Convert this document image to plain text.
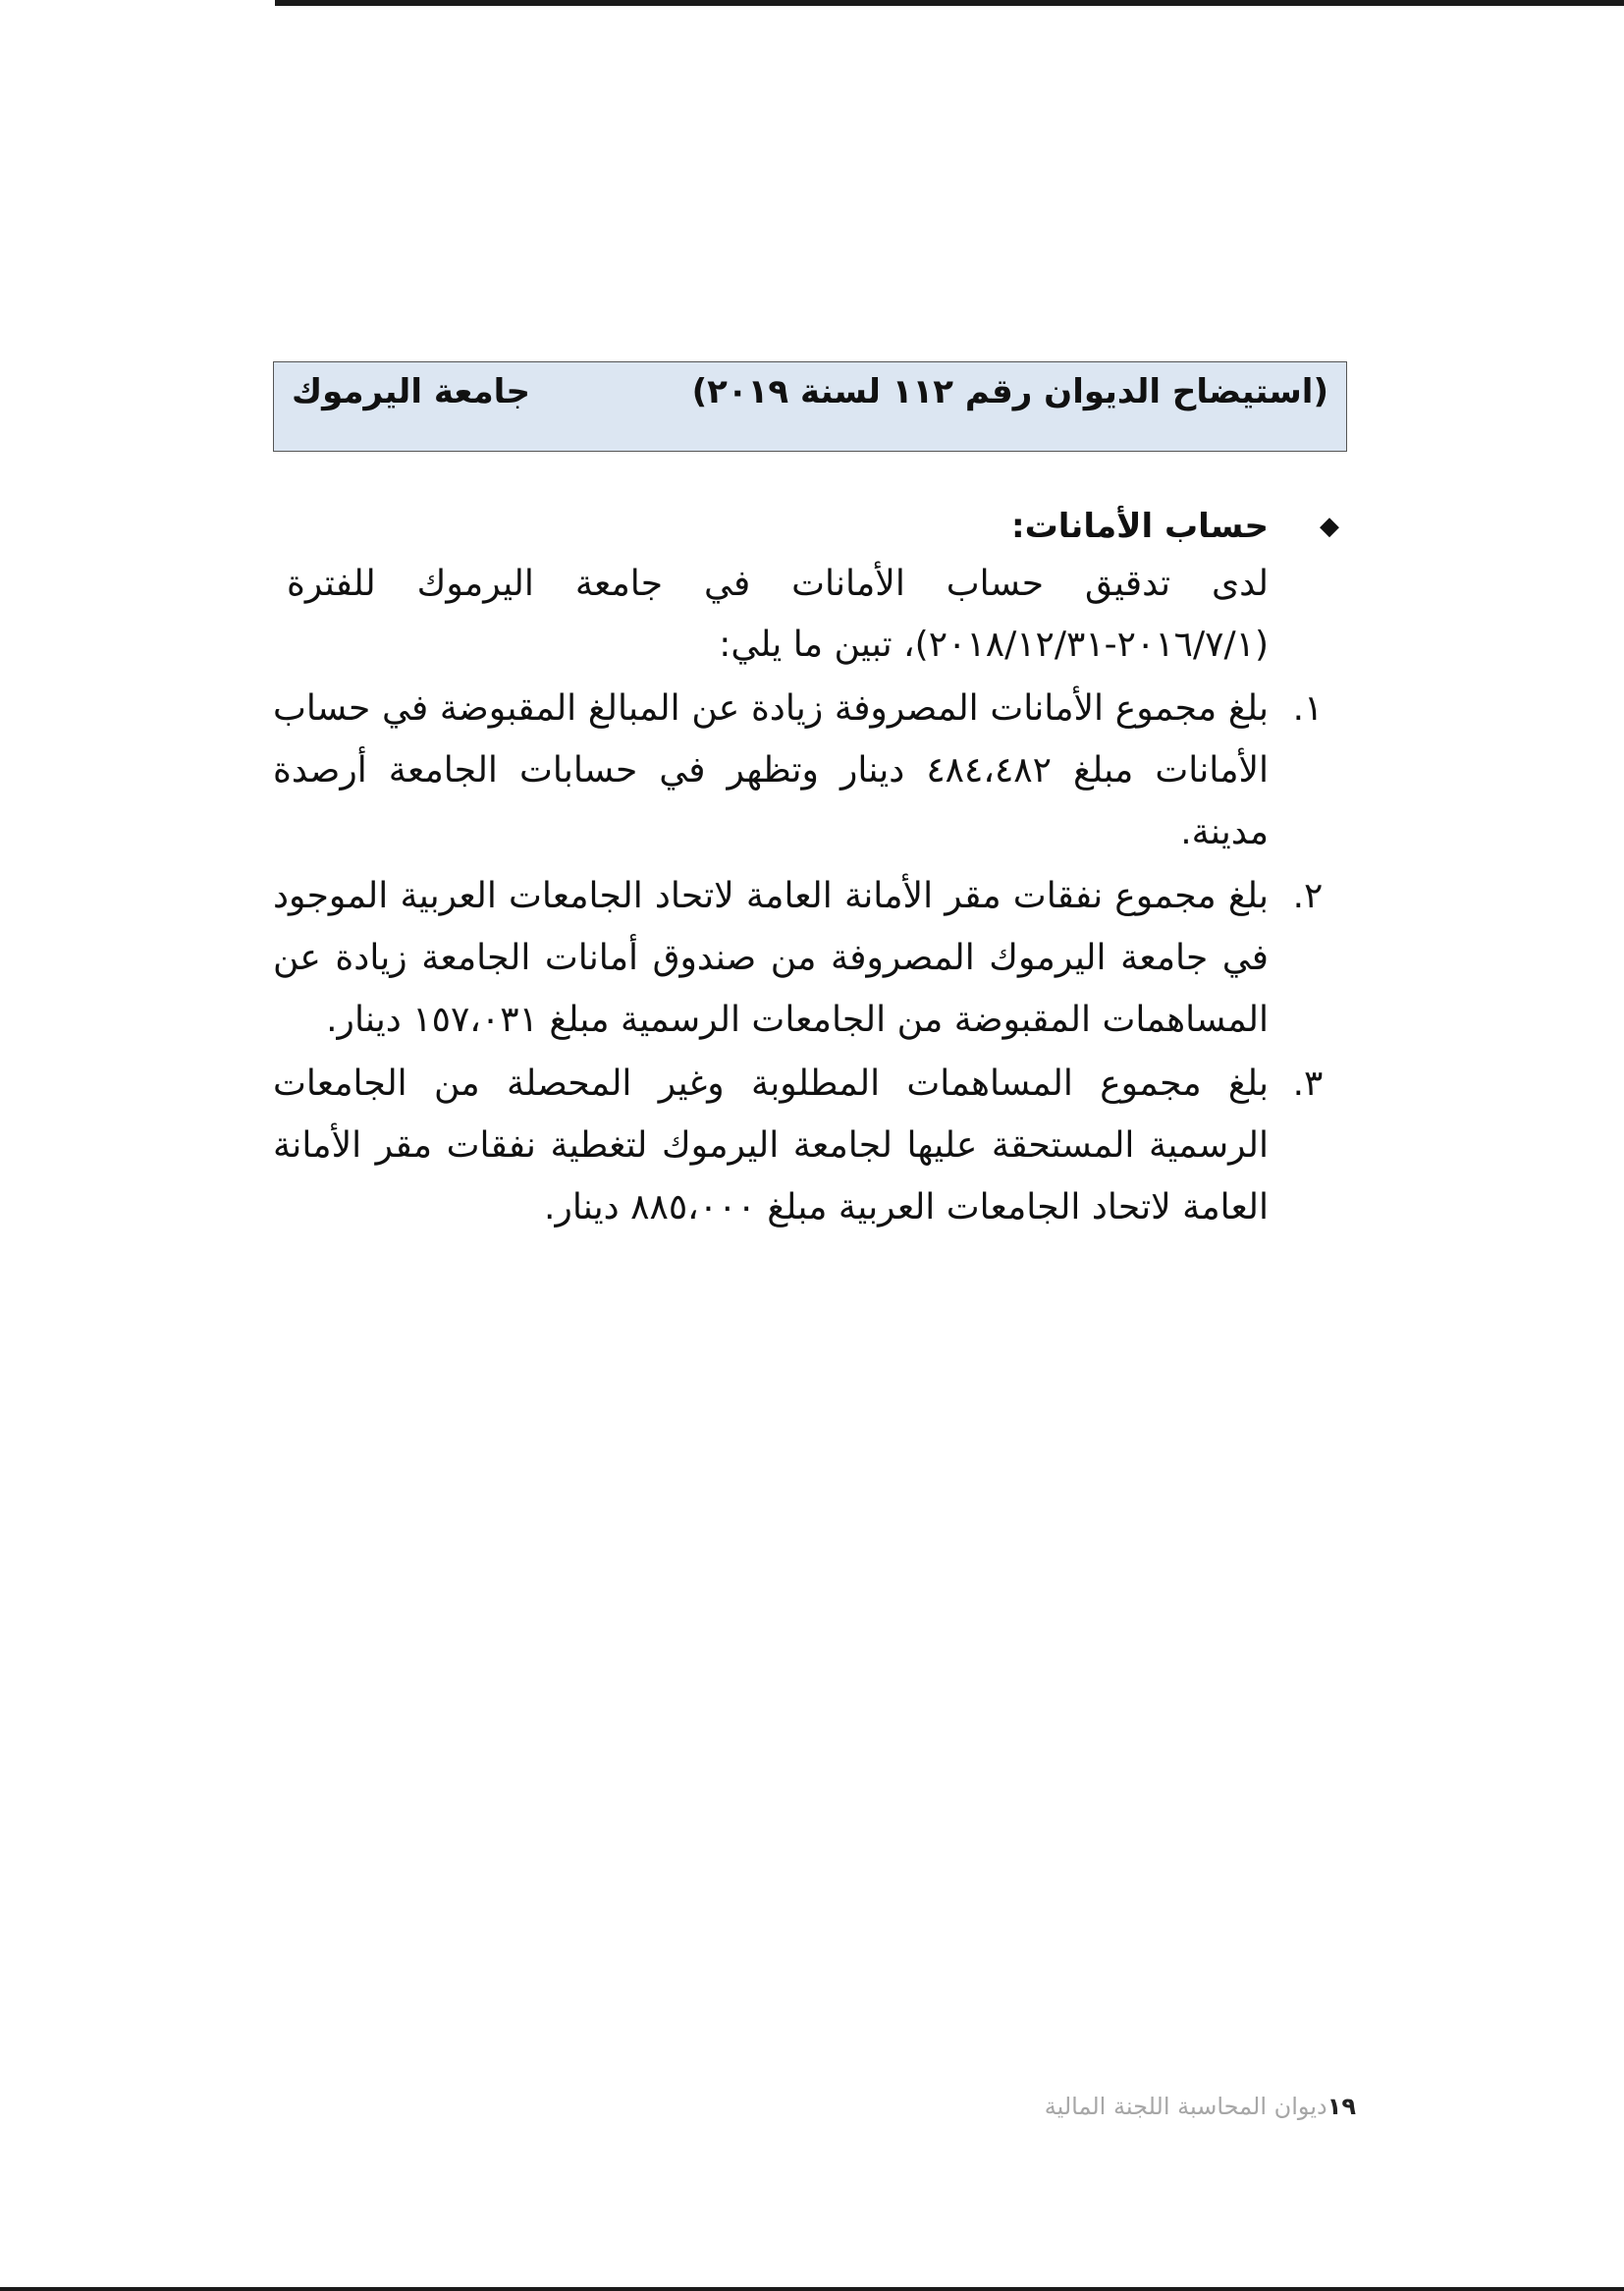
(استيضاح الديوان رقم ١١٢ لسنة ٢٠١٩)
جامعة اليرموك
◆
حساب الأمانات:

لدى تدقيق حساب الأمانات في جامعة اليرموك للفترة (٢٠١٦/٧/١-٢٠١٨/١٢/٣١)، تبين ما يلي:

١.
بلغ مجموع الأمانات المصروفة زيادة عن المبالغ المقبوضة في حساب الأمانات مبلغ ٤٨٤،٤٨٢ دينار وتظهر في حسابات الجامعة أرصدة مدينة.
٢.
بلغ مجموع نفقات مقر الأمانة العامة لاتحاد الجامعات العربية الموجود في جامعة اليرموك المصروفة من صندوق أمانات الجامعة زيادة عن المساهمات المقبوضة من الجامعات الرسمية مبلغ ١٥٧،٠٣١ دينار.
٣.
بلغ مجموع المساهمات المطلوبة وغير المحصلة من الجامعات الرسمية المستحقة عليها لجامعة اليرموك لتغطية نفقات مقر الأمانة العامة لاتحاد الجامعات العربية مبلغ ٨٨٥،٠٠٠ دينار.
١٩ديوان المحاسبة اللجنة المالية
